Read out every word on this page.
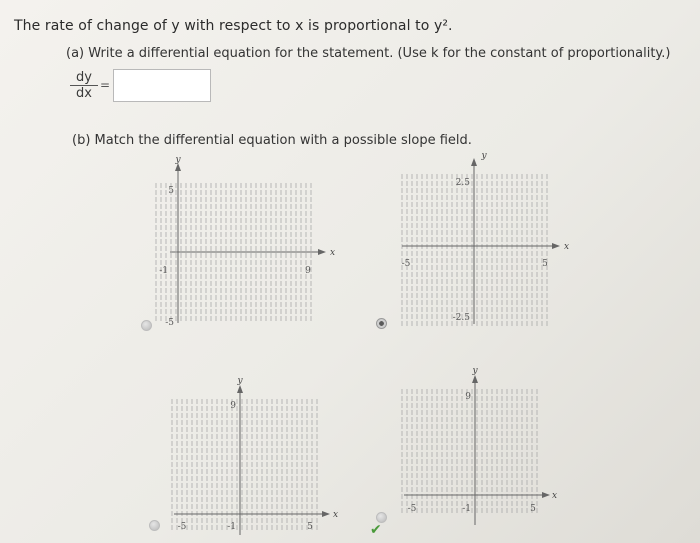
The rate of change of y with respect to x is proportional to y².
(a) Write a differential equation for the statement. (Use k for the constant of proportionality.)
$\frac{dy}{dx}$ =
(b) Match the differential equation with a possible slope field.
y
x
5
-5
-1	9
y
x
2.5
-2.5
-5	5
y
x
9
-1
-5	5
y
x
9
-1
-5	5
✔
